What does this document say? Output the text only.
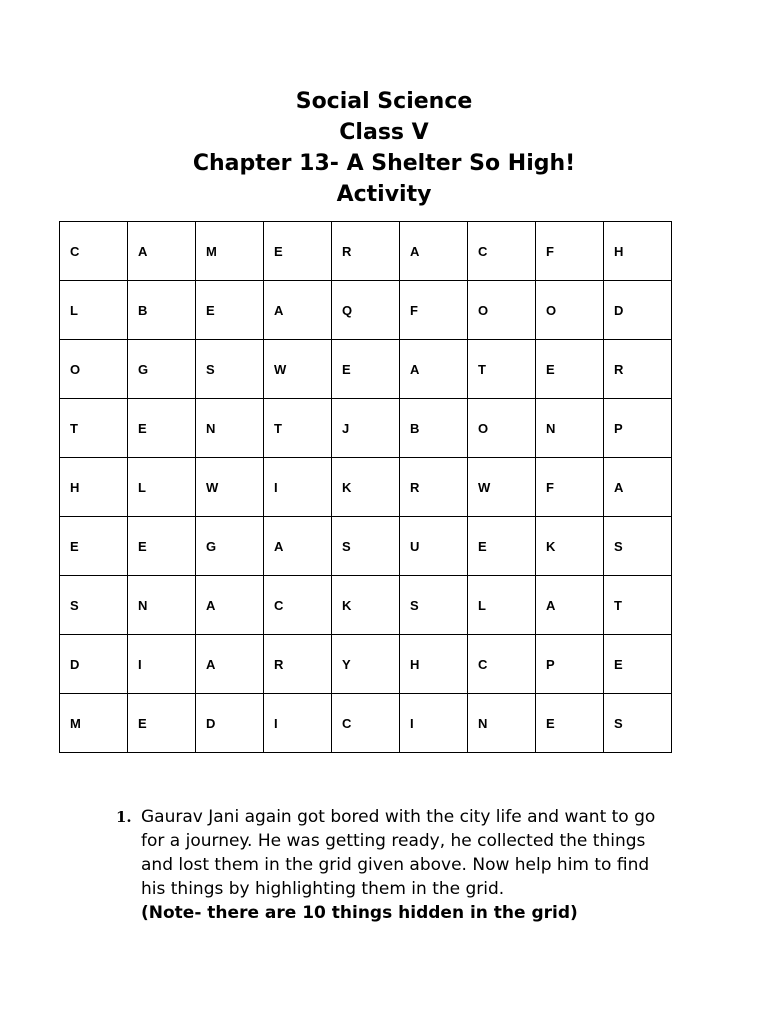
Social Science
Class V
Chapter 13- A Shelter So High!
Activity
C	A	M	E	R	A	C	F	H
L	B	E	A	Q	F	O	O	D
O	G	S	W	E	A	T	E	R
T	E	N	T	J	B	O	N	P
H	L	W	I	K	R	W	F	A
E	E	G	A	S	U	E	K	S
S	N	A	C	K	S	L	A	T
D	I	A	R	Y	H	C	P	E
M	E	D	I	C	I	N	E	S
1. Gaurav Jani again got bored with the city life and want to go for a journey. He was getting ready, he collected the things and lost them in the grid given above. Now help him to find his things by highlighting them in the grid.
(Note- there are 10 things hidden in the grid)
